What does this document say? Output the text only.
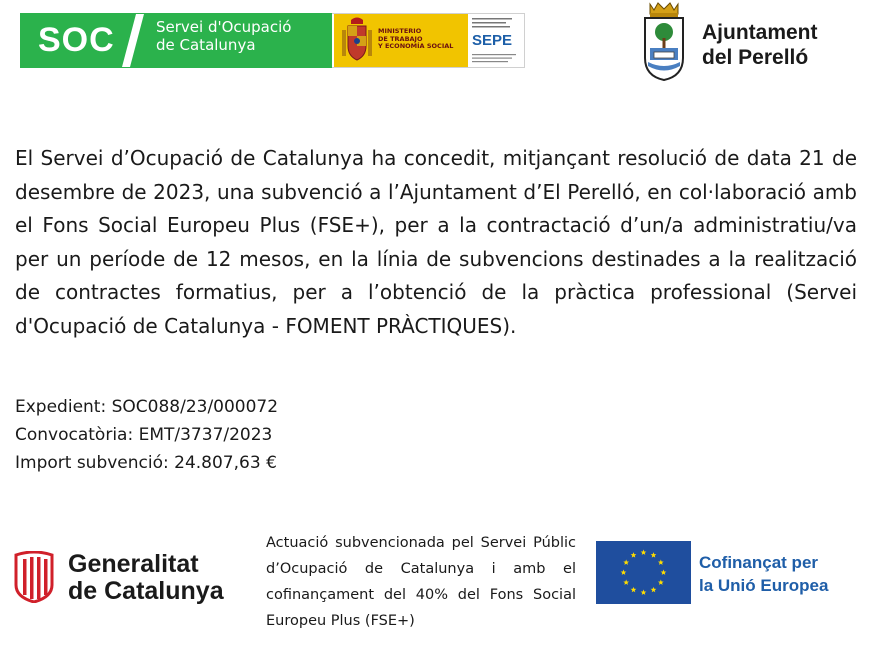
SOC	Servei d'Ocupació
de Catalunya
MINISTERIO
DE TRABAJO
Y ECONOMÍA SOCIAL SEPE	Ajuntament
del Perelló

El Servei d’Ocupació de Catalunya ha concedit, mitjançant resolució de data 21 de desembre de 2023, una subvenció a l’Ajuntament d’El Perelló, en col·laboració amb el Fons Social Europeu Plus (FSE+), per a la contractació d’un/a administratiu/va per un període de 12 mesos, en la línia de subvencions destinades a la realització de contractes formatius, per a l’obtenció de la pràctica professional (Servei d'Ocupació de Catalunya - FOMENT PRÀCTIQUES).

Expedient: SOC088/23/000072
Convocatòria: EMT/3737/2023
Import subvenció: 24.807,63 €
Generalitat
de Catalunya

Actuació subvencionada pel Servei Públic d’Ocupació de Catalunya i amb el cofinançament del 40% del Fons Social Europeu Plus (FSE+)

Cofinançat per
la Unió Europea
